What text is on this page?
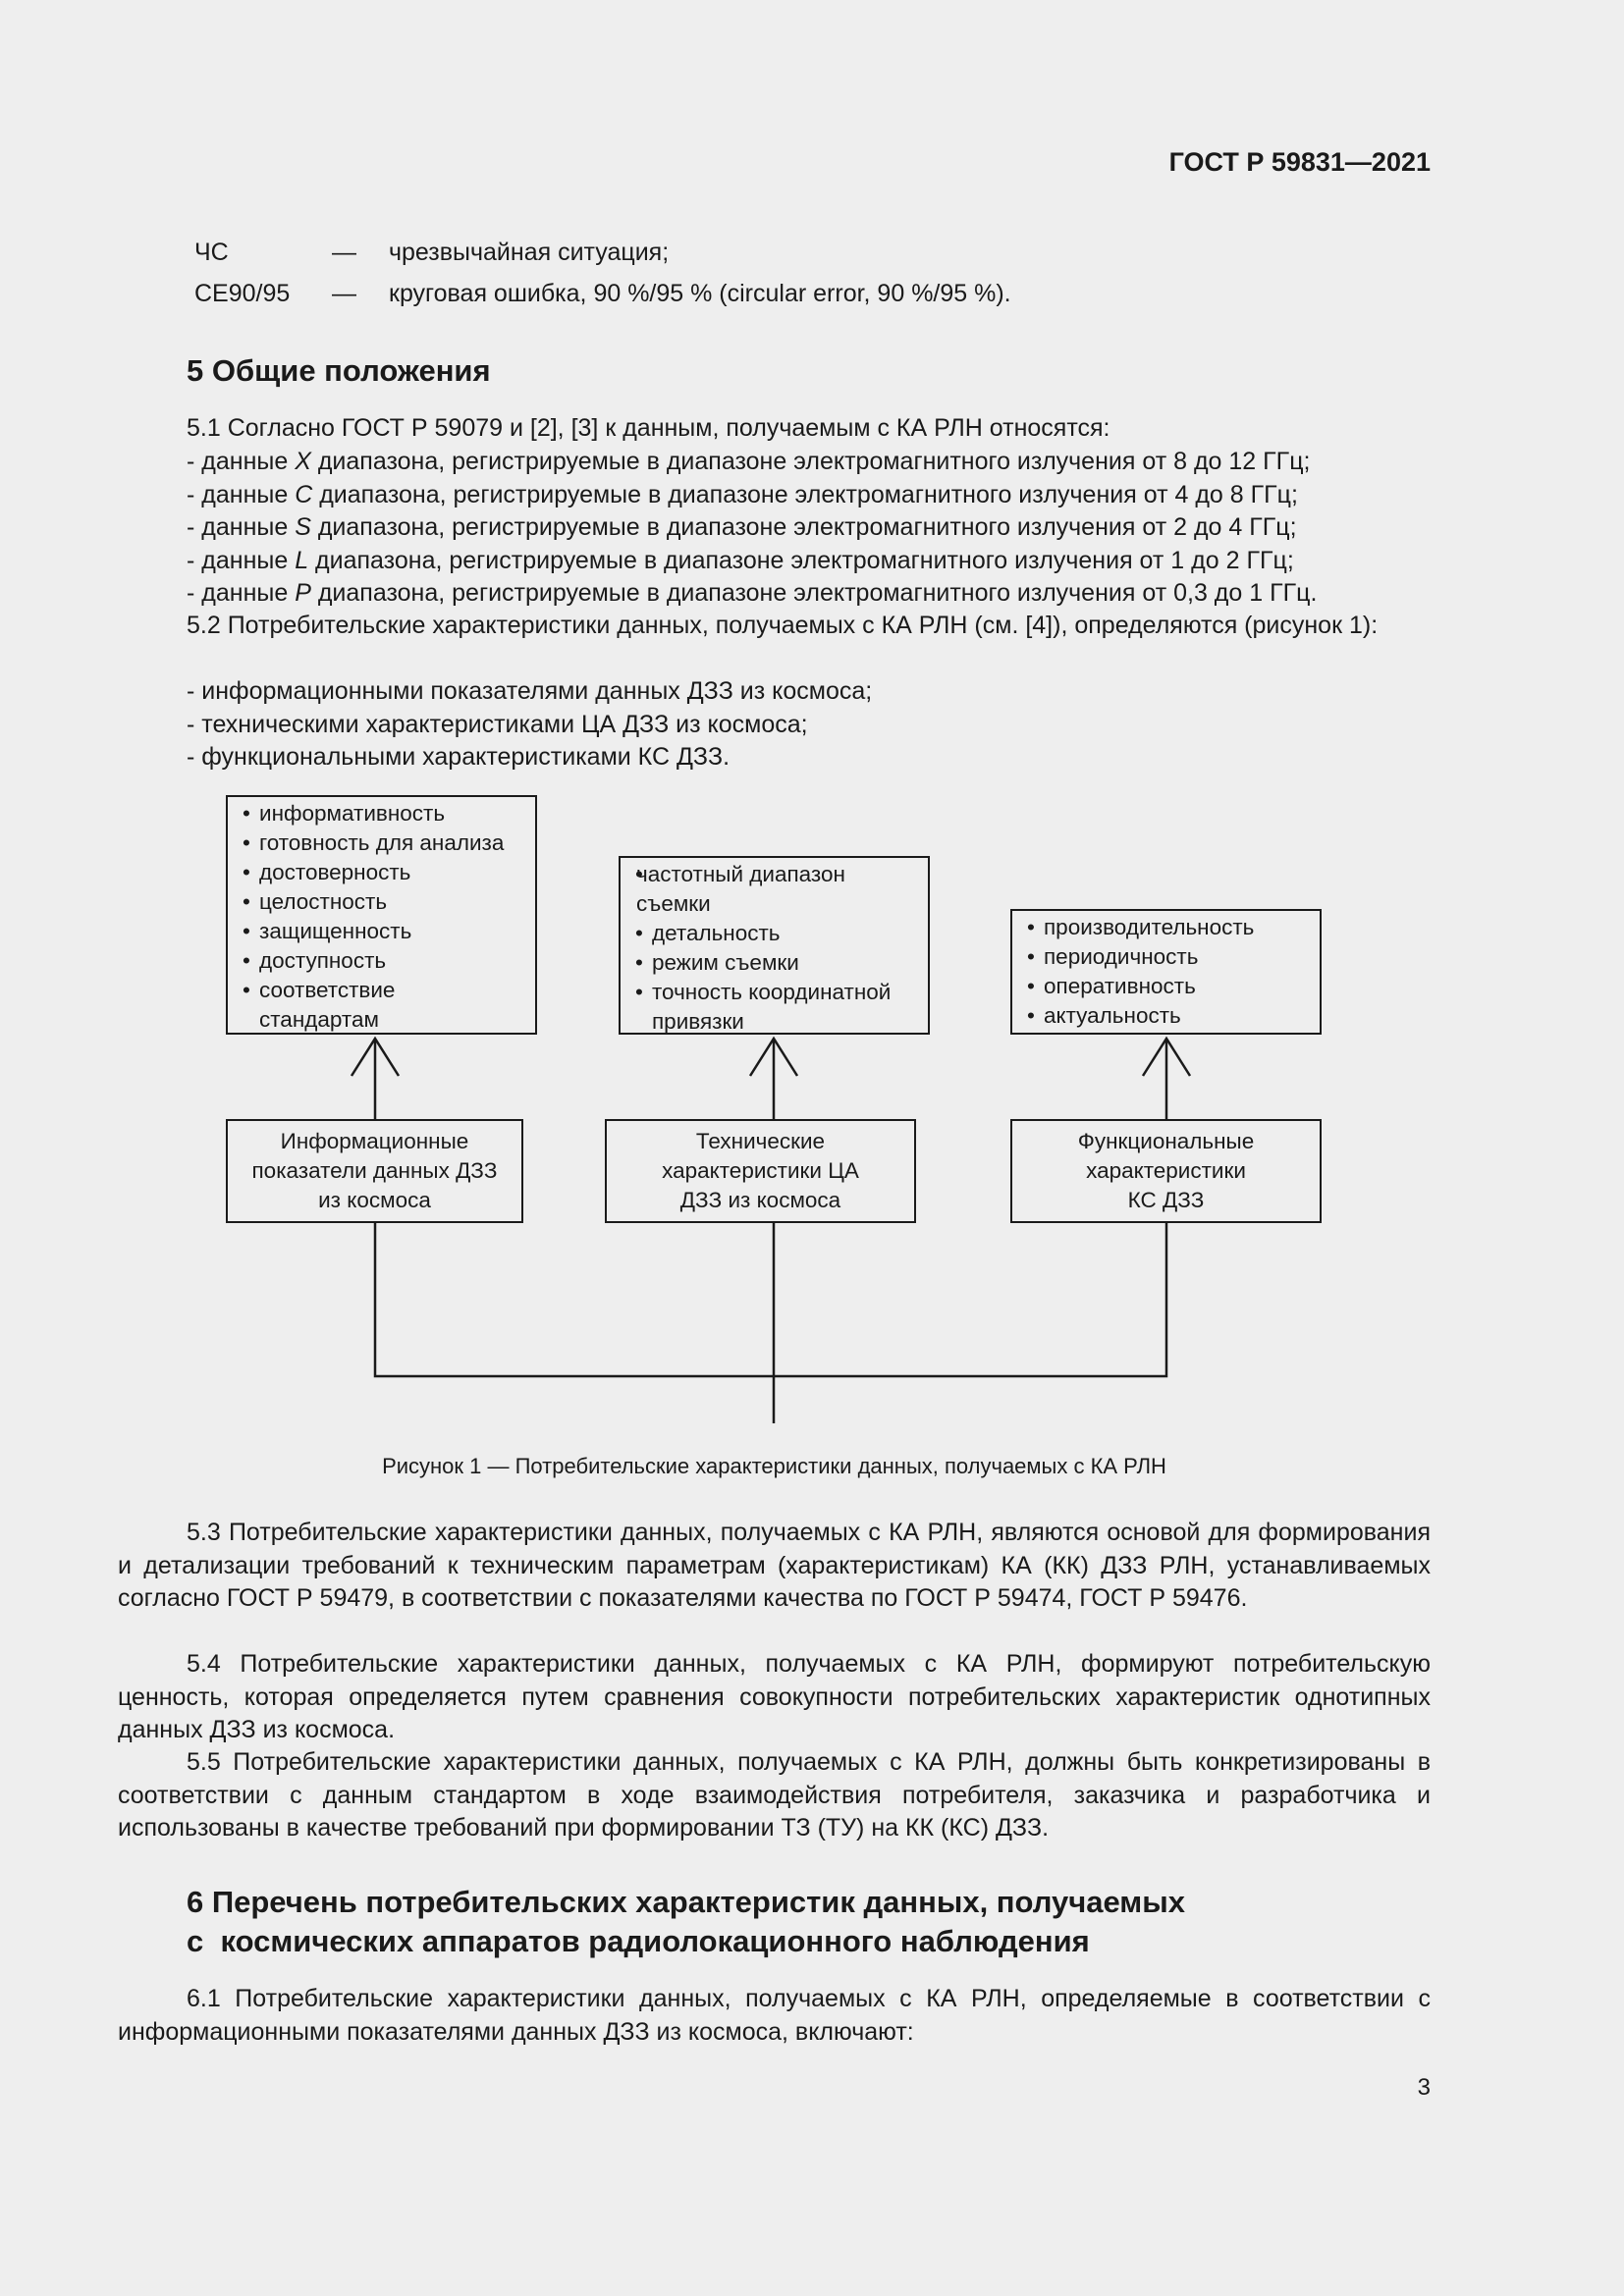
ГОСТ Р 59831—2021
ЧС	— чрезвычайная ситуация;
CE90/95 — круговая ошибка, 90 %/95 % (circular error, 90 %/95 %).
5 Общие положения
5.1 Согласно ГОСТ Р 59079 и [2], [3] к данным, получаемым с КА РЛН относятся:
- данные X диапазона, регистрируемые в диапазоне электромагнитного излучения от 8 до 12 ГГц;
- данные C диапазона, регистрируемые в диапазоне электромагнитного излучения от 4 до 8 ГГц;
- данные S диапазона, регистрируемые в диапазоне электромагнитного излучения от 2 до 4 ГГц;
- данные L диапазона, регистрируемые в диапазоне электромагнитного излучения от 1 до 2 ГГц;
- данные P диапазона, регистрируемые в диапазоне электромагнитного излучения от 0,3 до 1 ГГц.
5.2 Потребительские характеристики данных, получаемых с КА РЛН (см. [4]), определяются (рисунок 1):
- информационными показателями данных ДЗЗ из космоса;
- техническими характеристиками ЦА ДЗЗ из космоса;
- функциональными характеристиками КС ДЗЗ.
• информативность
• готовность для анализа
• достоверность
• целостность
• защищенность
• доступность
• соответствие стандартам
• частотный диапазон съемки
• детальность
• режим съемки
• точность координатной привязки
• производительность
• периодичность
• оперативность
• актуальность
Информационные
показатели данных ДЗЗ
из космоса
Технические
характеристики ЦА
ДЗЗ из космоса
Функциональные
характеристики
КС ДЗЗ
Рисунок 1 — Потребительские характеристики данных, получаемых с КА РЛН
5.3 Потребительские характеристики данных, получаемых с КА РЛН, являются основой для формирования и детализации требований к техническим параметрам (характеристикам) КА (КК) ДЗЗ РЛН, устанавливаемых согласно ГОСТ Р 59479, в соответствии с показателями качества по ГОСТ Р 59474, ГОСТ Р 59476.
5.4 Потребительские характеристики данных, получаемых с КА РЛН, формируют потребительскую ценность, которая определяется путем сравнения совокупности потребительских характеристик однотипных данных ДЗЗ из космоса.
5.5 Потребительские характеристики данных, получаемых с КА РЛН, должны быть конкретизированы в соответствии с данным стандартом в ходе взаимодействия потребителя, заказчика и разработчика и использованы в качестве требований при формировании ТЗ (ТУ) на КК (КС) ДЗЗ.
6 Перечень потребительских характеристик данных, получаемых
с  космических аппаратов радиолокационного наблюдения
6.1 Потребительские характеристики данных, получаемых с КА РЛН, определяемые в соответствии с информационными показателями данных ДЗЗ из космоса, включают:
3
